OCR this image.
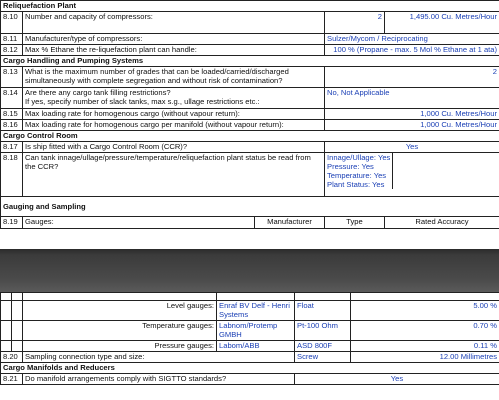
Reliquefaction Plant				
8.10	Number and capacity of compressors:		2	1,495.00 Cu. Metres/Hour
8.11	Manufacturer/type of compressors:		Sulzer/Mycom / Reciprocating	
8.12	Max % Ethane the re-liquefaction plant can handle:		100 % (Propane - max. 5 Mol % Ethane at 1 ata)	
Cargo Handling and Pumping Systems				
8.13	What is the maximum number of grades that can be loaded/carried/discharged simultaneously with complete segregation and without risk of contamination?		2	
8.14	Are there any cargo tank filling restrictions?
If yes, specify number of slack tanks, max s.g., ullage restrictions etc.:		No, Not Applicable	
8.15	Max loading rate for homogenous cargo (without vapour return):		1,000 Cu. Metres/Hour	
8.16	Max loading rate for homogenous cargo per manifold (without vapour return):		1,000 Cu. Metres/Hour	
Cargo Control Room				
8.17	Is ship fitted with a Cargo Control Room (CCR)?		Yes	
8.18	Can tank innage/ullage/pressure/temperature/reliquefaction plant status be read from the CCR?		Innage/Ullage: Yes
Pressure: Yes
Temperature: Yes
Plant Status: Yes	

Gauging and Sampling				
8.19	Gauges:	Manufacturer	Type	Rated Accuracy

		Level gauges:	Enraf BV Delf - Henri Systems	Float	5.00 %
		Temperature gauges:	Labnom/Protemp GMBH	Pt-100 Ohm	0.70 %
		Pressure gauges:	Labom/ABB	ASD 800F	0.11 %
8.20		Sampling connection type and size:		Screw	12.00 Millimetres
Cargo Manifolds and Reducers					
8.21		Do manifold arrangements comply with SIGTTO standards?		Yes	
